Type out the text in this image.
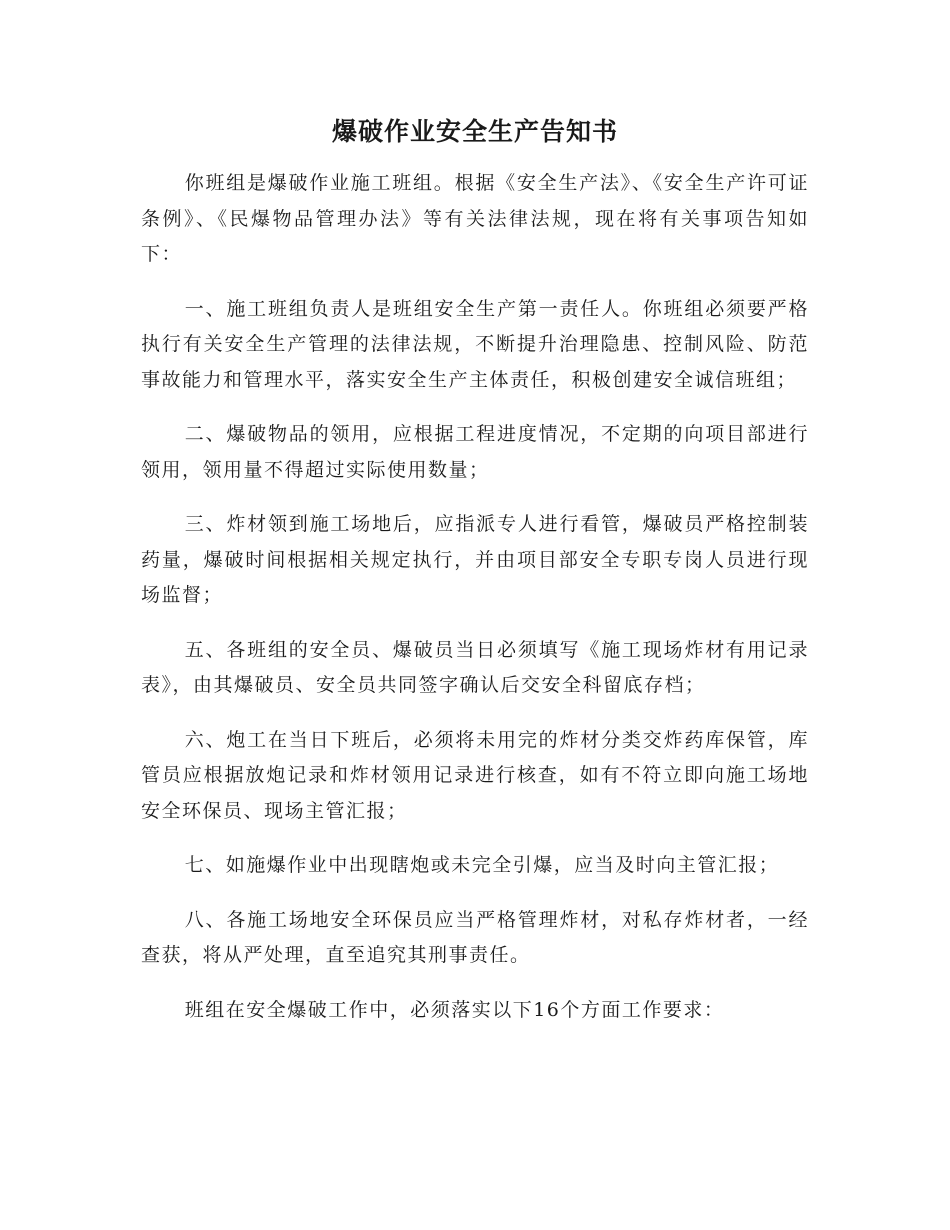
爆破作业安全生产告知书

你班组是爆破作业施工班组。根据《安全生产法》、《安全生产许可证条例》、《民爆物品管理办法》等有关法律法规，现在将有关事项告知如下：

一、施工班组负责人是班组安全生产第一责任人。你班组必须要严格执行有关安全生产管理的法律法规，不断提升治理隐患、控制风险、防范事故能力和管理水平，落实安全生产主体责任，积极创建安全诚信班组；

二、爆破物品的领用，应根据工程进度情况，不定期的向项目部进行领用，领用量不得超过实际使用数量；

三、炸材领到施工场地后，应指派专人进行看管，爆破员严格控制装药量，爆破时间根据相关规定执行，并由项目部安全专职专岗人员进行现场监督；

五、各班组的安全员、爆破员当日必须填写《施工现场炸材有用记录表》，由其爆破员、安全员共同签字确认后交安全科留底存档；

六、炮工在当日下班后，必须将未用完的炸材分类交炸药库保管，库管员应根据放炮记录和炸材领用记录进行核查，如有不符立即向施工场地安全环保员、现场主管汇报；

七、如施爆作业中出现瞎炮或未完全引爆，应当及时向主管汇报；

八、各施工场地安全环保员应当严格管理炸材，对私存炸材者，一经查获，将从严处理，直至追究其刑事责任。

班组在安全爆破工作中，必须落实以下16个方面工作要求：
